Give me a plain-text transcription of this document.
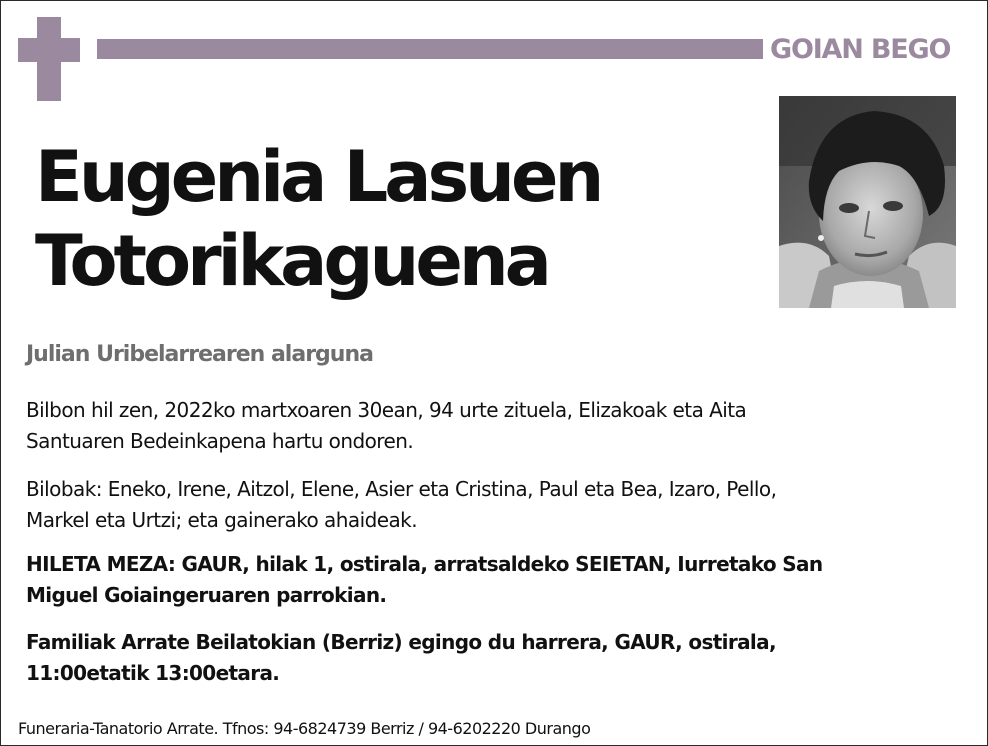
GOIAN BEGO
Eugenia Lasuen
Totorikaguena
Julian Uribelarrearen alarguna
Bilbon hil zen, 2022ko martxoaren 30ean, 94 urte zituela, Elizakoak eta Aita
Santuaren Bedeinkapena hartu ondoren.
Bilobak: Eneko, Irene, Aitzol, Elene, Asier eta Cristina, Paul eta Bea, Izaro, Pello,
Markel eta Urtzi; eta gainerako ahaideak.
HILETA MEZA: GAUR, hilak 1, ostirala, arratsaldeko SEIETAN, Iurretako San
Miguel Goiaingeruaren parrokian.
Familiak Arrate Beilatokian (Berriz) egingo du harrera, GAUR, ostirala,
11:00etatik 13:00etara.
Funeraria-Tanatorio Arrate. Tfnos: 94-6824739 Berriz / 94-6202220 Durango
